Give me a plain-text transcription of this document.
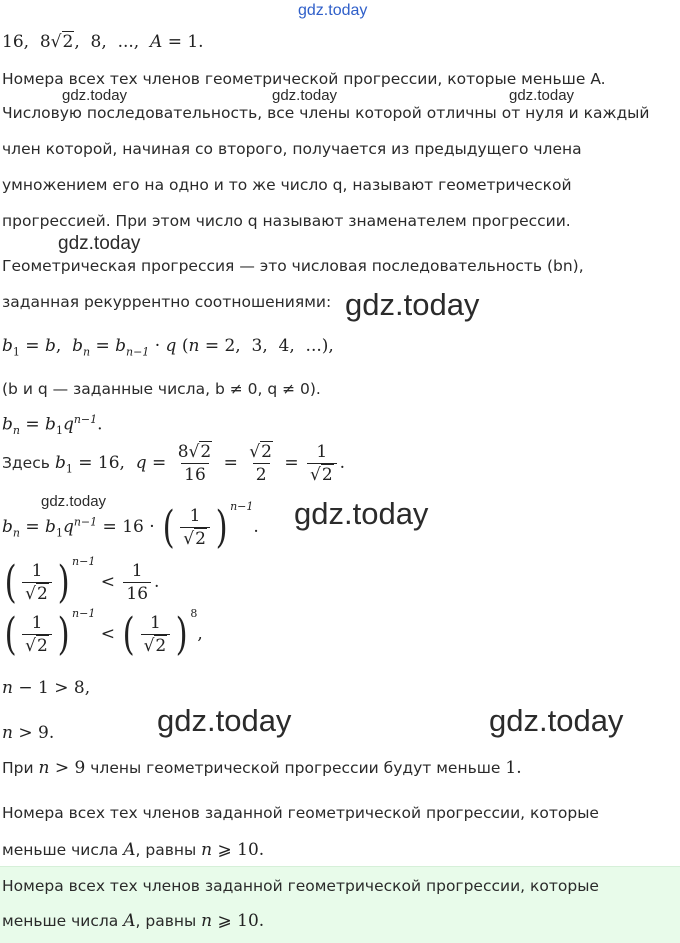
gdz.today
gdz.today	gdz.today	gdz.today
gdz.today
gdz.today
gdz.today	gdz.today
gdz.today	gdz.today
16,  8√2,  8,  ...,  A = 1.
Номера всех тех членов геометрической прогрессии, которые меньше A.
Числовую последовательность, все члены которой отличны от нуля и каждый
член которой, начиная со второго, получается из предыдущего члена
умножением его на одно и то же число q, называют геометрической
прогрессией. При этом число q называют знаменателем прогрессии.
Геометрическая прогрессия — это числовая последовательность (bn),
заданная рекуррентно соотношениями:
$b_1 = b$,  $b_n = b_{n-1} \cdot q$ (n = 2,  3,  4,  ...),
(b и q — заданные числа, b ≠ 0, q ≠ 0).
$b_n = b_1q^{n-1}$.
Здесь $b_1 = 16$,  $q = \frac{8√2}{16} = \frac{√2}{2} = \frac{1}{√2}$ .
$b_n = b_1q^{n-1} = 16$ · ( $\frac{1}{√2}$ ) $^{n-1}$.
( $\frac{1}{√2}$ ) $^{n-1} < \frac{1}{16}$ .
( $\frac{1}{√2}$ ) $^{n-1}$ < ( $\frac{1}{√2}$ ) $^8$,
n − 1 > 8,
n > 9.
При n > 9 члены геометрической прогрессии будут меньше 1.
Номера всех тех членов заданной геометрической прогрессии, которые
меньше числа A, равны n ⩾ 10.
Номера всех тех членов заданной геометрической прогрессии, которые
меньше числа A, равны n ⩾ 10.
